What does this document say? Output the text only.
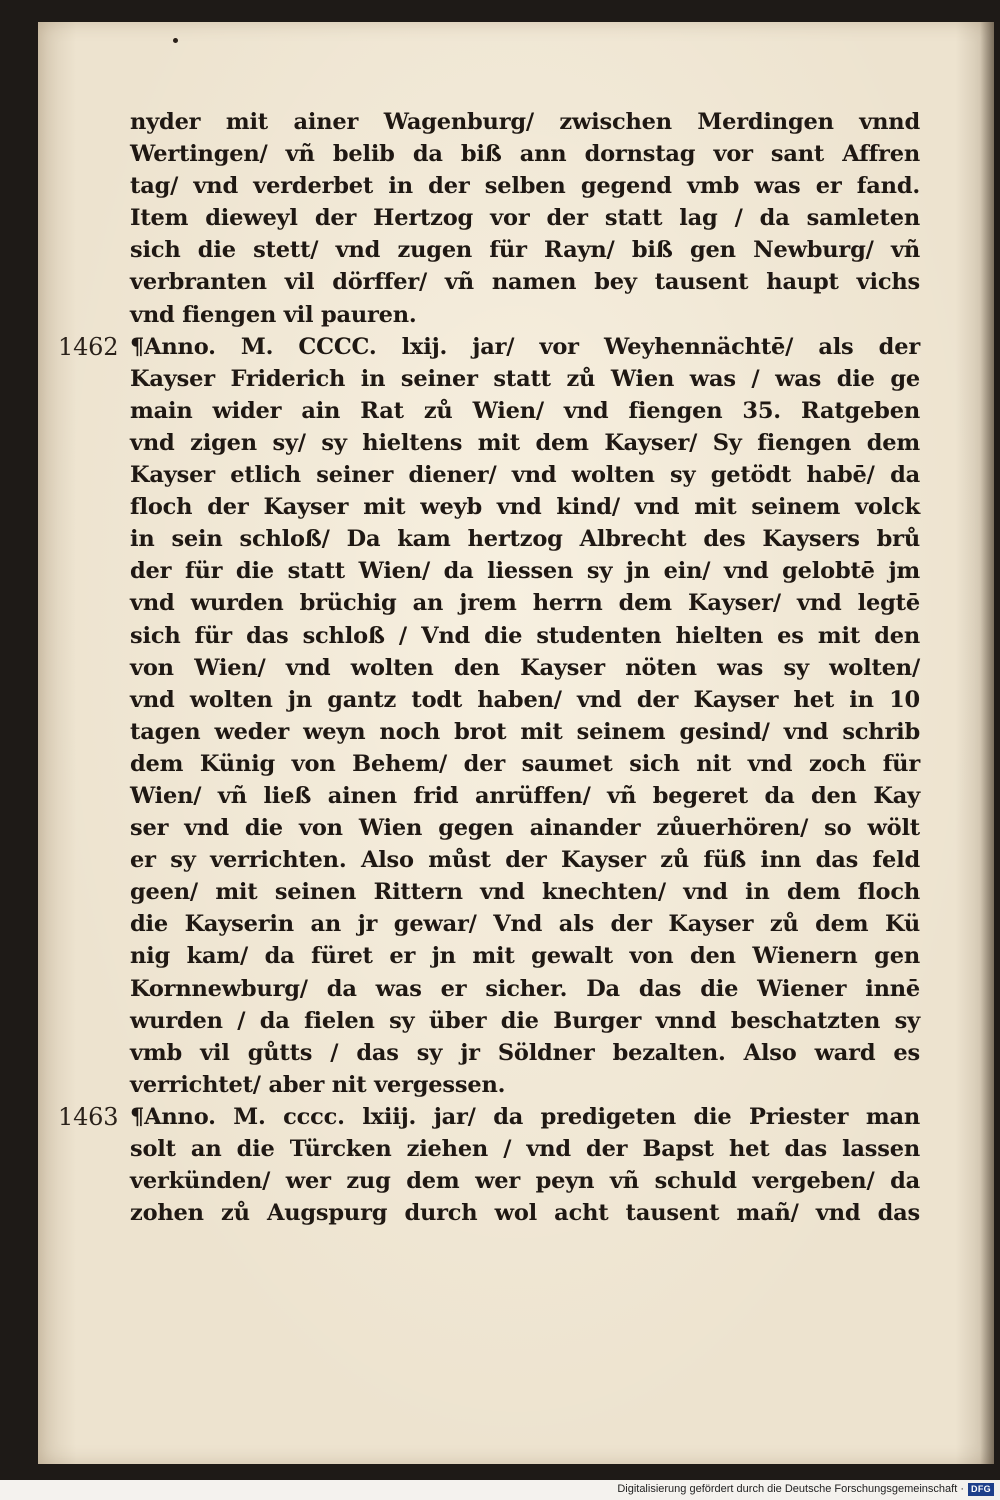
nyder mit ainer Wagenburg/ zwischen Merdingen vnnd
Wertingen/ vñ belib da biß ann dornstag vor sant Affren
tag/ vnd verderbet in der selben gegend vmb was er fand.
Item dieweyl der Hertzog vor der statt lag / da samleten
sich die stett/ vnd zugen für Rayn/ biß gen Newburg/ vñ
verbranten vil dörffer/ vñ namen bey tausent haupt vichs
vnd fiengen vil pauren.
1462 ¶Anno. M. CCCC. lxij. jar/ vor Weyhennächtē/ als der
Kayser Friderich in seiner statt zů Wien was / was die ge
main wider ain Rat zů Wien/ vnd fiengen 35. Ratgeben
vnd zigen sy/ sy hieltens mit dem Kayser/ Sy fiengen dem
Kayser etlich seiner diener/ vnd wolten sy getödt habē/ da
floch der Kayser mit weyb vnd kind/ vnd mit seinem volck
in sein schloß/ Da kam hertzog Albrecht des Kaysers brů
der für die statt Wien/ da liessen sy jn ein/ vnd gelobtē jm
vnd wurden brüchig an jrem herrn dem Kayser/ vnd legtē
sich für das schloß / Vnd die studenten hielten es mit den
von Wien/ vnd wolten den Kayser nöten was sy wolten/
vnd wolten jn gantz todt haben/ vnd der Kayser het in 10
tagen weder weyn noch brot mit seinem gesind/ vnd schrib
dem Künig von Behem/ der saumet sich nit vnd zoch für
Wien/ vñ ließ ainen frid anrüffen/ vñ begeret da den Kay
ser vnd die von Wien gegen ainander zůuerhören/ so wölt
er sy verrichten. Also můst der Kayser zů füß inn das feld
geen/ mit seinen Rittern vnd knechten/ vnd in dem floch
die Kayserin an jr gewar/ Vnd als der Kayser zů dem Kü
nig kam/ da füret er jn mit gewalt von den Wienern gen
Kornnewburg/ da was er sicher. Da das die Wiener innē
wurden / da fielen sy über die Burger vnnd beschatzten sy
vmb vil gůtts / das sy jr Söldner bezalten. Also ward es
verrichtet/ aber nit vergessen.
1463 ¶Anno. M. cccc. lxiij. jar/ da predigeten die Priester man
solt an die Türcken ziehen / vnd der Bapst het das lassen
verkünden/ wer zug dem wer peyn vñ schuld vergeben/ da
zohen zů Augspurg durch wol acht tausent mañ/ vnd das
Digitalisierung gefördert durch die Deutsche Forschungsgemeinschaft · DFG
